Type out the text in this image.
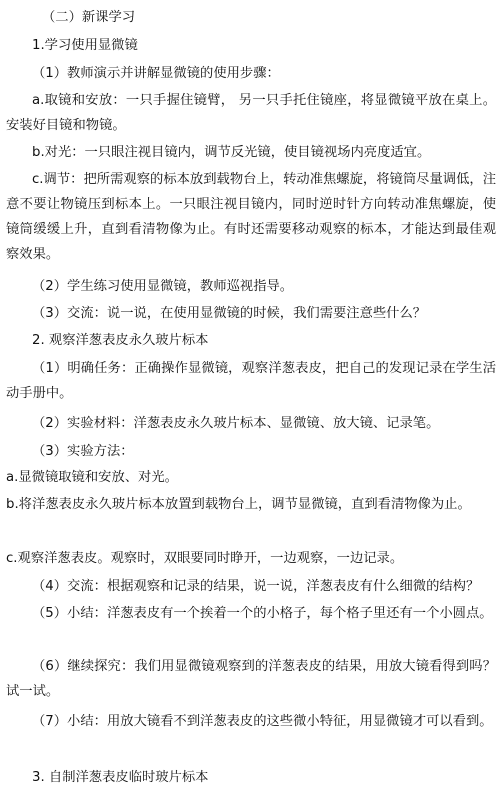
（二）新课学习
1.学习使用显微镜
（1）教师演示并讲解显微镜的使用步骤：

a.取镜和安放：一只手握住镜臂， 另一只手托住镜座，将显微镜平放在桌上。安装好目镜和物镜。

b.对光：一只眼注视目镜内，调节反光镜，使目镜视场内亮度适宜。

c.调节：把所需观察的标本放到载物台上，转动准焦螺旋，将镜筒尽量调低，注意不要让物镜压到标本上。一只眼注视目镜内，同时逆时针方向转动准焦螺旋，使镜筒缓缓上升，直到看清物像为止。有时还需要移动观察的标本，才能达到最佳观察效果。

（2）学生练习使用显微镜，教师巡视指导。
（3）交流：说一说，在使用显微镜的时候，我们需要注意些什么？
2. 观察洋葱表皮永久玻片标本

（1）明确任务：正确操作显微镜，观察洋葱表皮，把自己的发现记录在学生活动手册中。

（2）实验材料：洋葱表皮永久玻片标本、显微镜、放大镜、记录笔。
（3）实验方法：
a.显微镜取镜和安放、对光。

b.将洋葱表皮永久玻片标本放置到载物台上，调节显微镜，直到看清物像为止。

c.观察洋葱表皮。观察时，双眼要同时睁开，一边观察，一边记录。
（4）交流：根据观察和记录的结果，说一说，洋葱表皮有什么细微的结构？

（5）小结：洋葱表皮有一个挨着一个的小格子，每个格子里还有一个小圆点。

（6）继续探究：我们用显微镜观察到的洋葱表皮的结果，用放大镜看得到吗？试一试。

（7）小结：用放大镜看不到洋葱表皮的这些微小特征，用显微镜才可以看到。

3. 自制洋葱表皮临时玻片标本
